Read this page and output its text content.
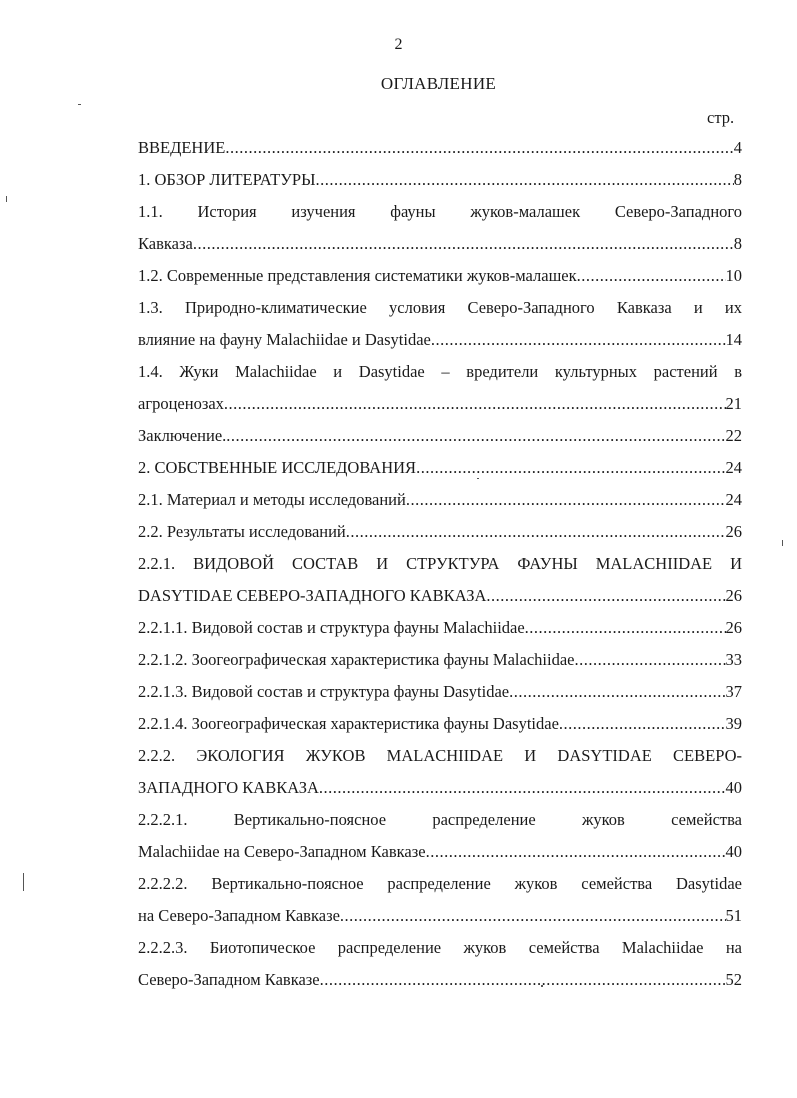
2
ОГЛАВЛЕНИЕ
стр.
ВВЕДЕНИЕ .....	4
1. ОБЗОР ЛИТЕРАТУРЫ .....	8
1.1. История изучения фауны жуков-малашек Северо-Западного
Кавказа .....	8
1.2. Современные представления систематики жуков-малашек .....	10
1.3. Природно-климатические условия Северо-Западного Кавказа и их
влияние на фауну Malachiidae и Dasytidae .....	14
1.4. Жуки Malachiidae и Dasytidae – вредители культурных растений в
агроценозах .....	21
Заключение. .....	22
2. СОБСТВЕННЫЕ ИССЛЕДОВАНИЯ .....	24
2.1. Материал и методы исследований .....	24
2.2. Результаты исследований .....	26
2.2.1. ВИДОВОЙ СОСТАВ И СТРУКТУРА ФАУНЫ MALACHIIDAE И
DASYTIDAE СЕВЕРО-ЗАПАДНОГО КАВКАЗА .....	26
2.2.1.1. Видовой состав и структура фауны Malachiidae .....	26
2.2.1.2. Зоогеографическая характеристика фауны Malachiidae .....	33
2.2.1.3. Видовой состав и структура фауны Dasytidae .....	37
2.2.1.4. Зоогеографическая характеристика фауны Dasytidae .....	39
2.2.2. ЭКОЛОГИЯ ЖУКОВ MALACHIIDAE И DASYTIDAE СЕВЕРО-
ЗАПАДНОГО КАВКАЗА .....	40
2.2.2.1. Вертикально-поясное распределение жуков семейства
Malachiidae на Северо-Западном Кавказе .....	40
2.2.2.2. Вертикально-поясное распределение жуков семейства Dasytidae
на Северо-Западном Кавказе .....	51
2.2.2.3. Биотопическое распределение жуков семейства Malachiidae на
Северо-Западном Кавказе .....	52
